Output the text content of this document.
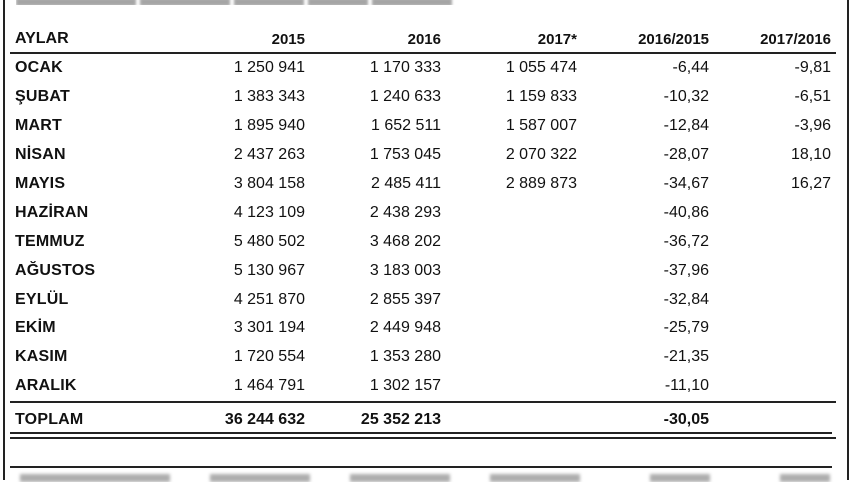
AYLAR	2015	2016	2017*	2016/2015	2017/2016
OCAK	1 250 941	1 170 333	1 055 474	-6,44	-9,81
ŞUBAT	1 383 343	1 240 633	1 159 833	-10,32	-6,51
MART	1 895 940	1 652 511	1 587 007	-12,84	-3,96
NİSAN	2 437 263	1 753 045	2 070 322	-28,07	18,10
MAYIS	3 804 158	2 485 411	2 889 873	-34,67	16,27
HAZİRAN	4 123 109	2 438 293		-40,86	
TEMMUZ	5 480 502	3 468 202		-36,72	
AĞUSTOS	5 130 967	3 183 003		-37,96	
EYLÜL	4 251 870	2 855 397		-32,84	
EKİM	3 301 194	2 449 948		-25,79	
KASIM	1 720 554	1 353 280		-21,35	
ARALIK	1 464 791	1 302 157		-11,10	
TOPLAM	36 244 632	25 352 213		-30,05	
